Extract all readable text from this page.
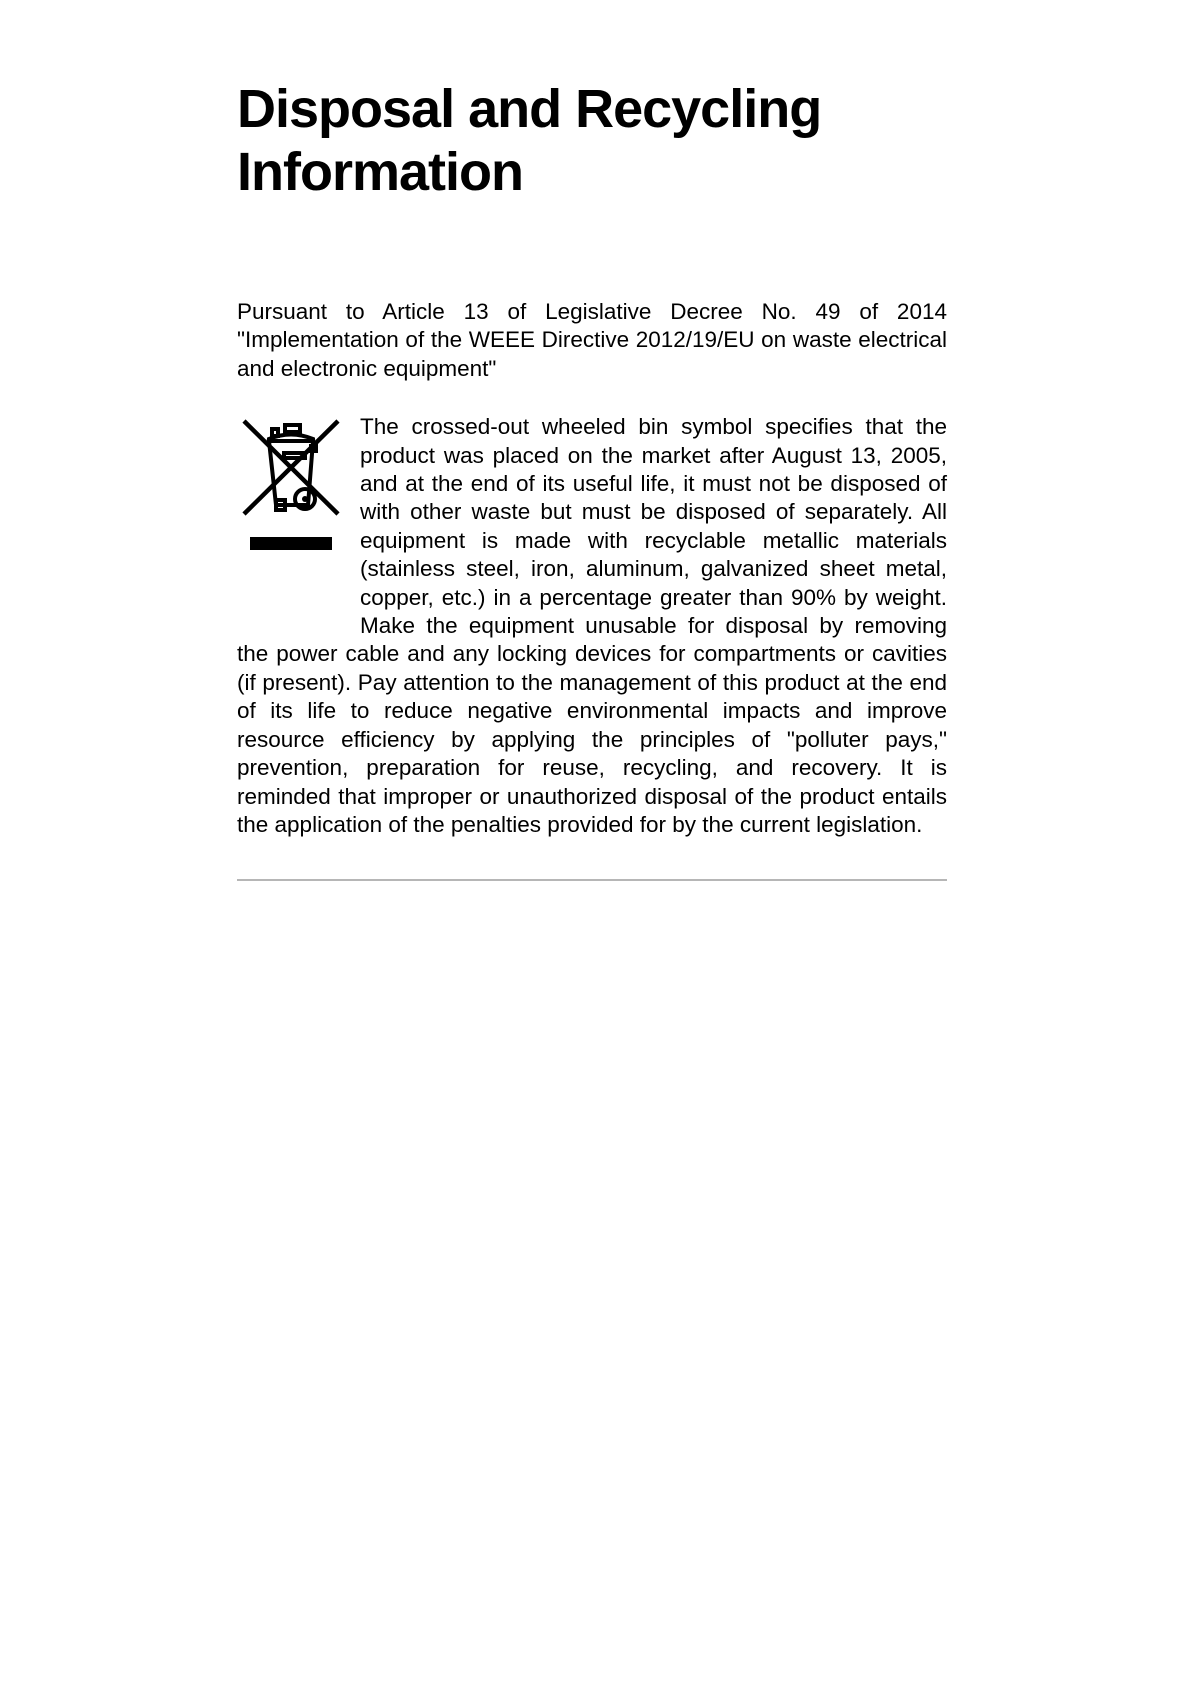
Disposal and Recycling Information

Pursuant to Article 13 of Legislative Decree No. 49 of 2014 "Implementation of the WEEE Directive 2012/19/EU on waste electrical and electronic equipment"

The crossed-out wheeled bin symbol specifies that the product was placed on the market after August 13, 2005, and at the end of its useful life, it must not be disposed of with other waste but must be disposed of separately. All equipment is made with recyclable metallic materials (stainless steel, iron, aluminum, galvanized sheet metal, copper, etc.) in a percentage greater than 90% by weight. Make the equipment unusable for disposal by removing the power cable and any locking devices for compartments or cavities (if present). Pay attention to the management of this product at the end of its life to reduce negative environmental impacts and improve resource efficiency by applying the principles of "polluter pays," prevention, preparation for reuse, recycling, and recovery. It is reminded that improper or unauthorized disposal of the product entails the application of the penalties provided for by the current legislation.
